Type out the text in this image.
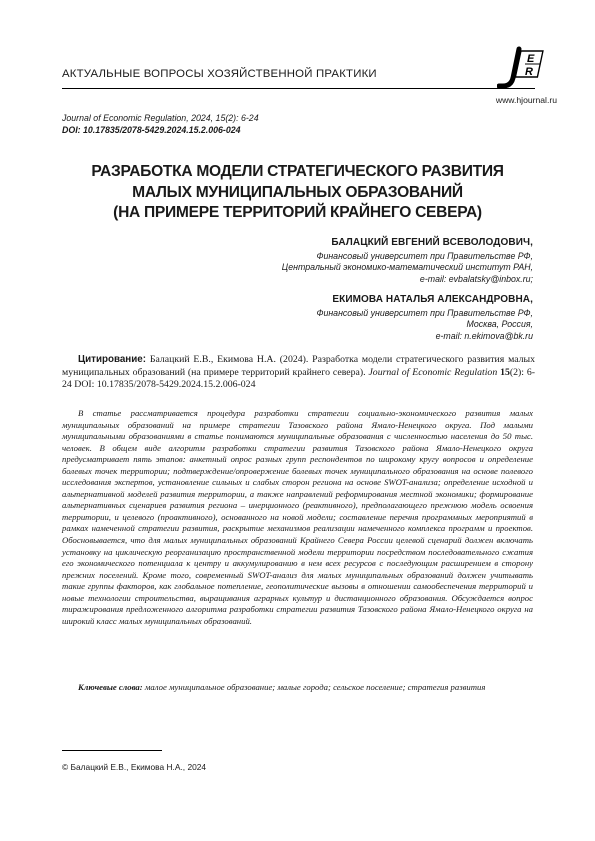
АКТУАЛЬНЫЕ ВОПРОСЫ ХОЗЯЙСТВЕННОЙ ПРАКТИКИ
E
R
www.hjournal.ru
Journal of Economic Regulation, 2024, 15(2): 6-24
DOI: 10.17835/2078-5429.2024.15.2.006-024
РАЗРАБОТКА МОДЕЛИ СТРАТЕГИЧЕСКОГО РАЗВИТИЯ
МАЛЫХ МУНИЦИПАЛЬНЫХ ОБРАЗОВАНИЙ
(НА ПРИМЕРЕ ТЕРРИТОРИЙ КРАЙНЕГО СЕВЕРА)
БАЛАЦКИЙ ЕВГЕНИЙ ВСЕВОЛОДОВИЧ,
Финансовый университет при Правительстве РФ,
Центральный экономико-математический институт РАН,
e-mail: evbalatsky@inbox.ru;
ЕКИМОВА НАТАЛЬЯ АЛЕКСАНДРОВНА,
Финансовый университет при Правительстве РФ,
Москва, Россия,
e-mail: n.ekimova@bk.ru
Цитирование: Балацкий Е.В., Екимова Н.А. (2024). Разработка модели стратегического развития малых муниципальных образований (на примере территорий крайнего севера). Journal of Economic Regulation 15(2): 6-24 DOI: 10.17835/2078-5429.2024.15.2.006-024
В статье рассматривается процедура разработки стратегии социально-экономического развития малых муниципальных образований на примере стратегии Тазовского района Ямало-Ненецкого округа. Под малыми муниципальными образованиями в статье понимаются муниципальные образования с численностью населения до 50 тыс. человек. В общем виде алгоритм разработки стратегии развития Тазовского района Ямало-Ненецкого округа предусматривает пять этапов: анкетный опрос разных групп респондентов по широкому кругу вопросов и определение болевых точек территории; подтверждение/опровержение болевых точек муниципального образования на основе полевого исследования экспертов, установление сильных и слабых сторон региона на основе SWOT-анализа; определение исходной и альтернативной моделей развития территории, а также направлений реформирования местной экономики; формирование альтернативных сценариев развития региона – инерционного (реактивного), предполагающего прежнюю модель освоения территории, и целевого (проактивного), основанного на новой модели; составление перечня программных мероприятий в рамках намеченной стратегии развития, раскрытие механизмов реализации намеченного комплекса программ и проектов. Обосновывается, что для малых муниципальных образований Крайнего Севера России целевой сценарий должен включать установку на циклическую реорганизацию пространственной модели территории посредством последовательного сжатия его экономического потенциала к центру и аккумулированию в нем всех ресурсов с последующим расширением в сторону прежних поселений. Кроме того, современный SWOT-анализ для малых муниципальных образований должен учитывать такие группы факторов, как глобальное потепление, геополитические вызовы в отношении самообеспечения территорий и новые технологии строительства, выращивания аграрных культур и дистанционного образования. Обсуждается вопрос тиражирования предложенного алгоритма разработки стратегии развития Тазовского района Ямало-Ненецкого округа на широкий класс малых муниципальных образований.
Ключевые слова: малое муниципальное образование; малые города; сельское поселение; стратегия развития
© Балацкий Е.В., Екимова Н.А., 2024
